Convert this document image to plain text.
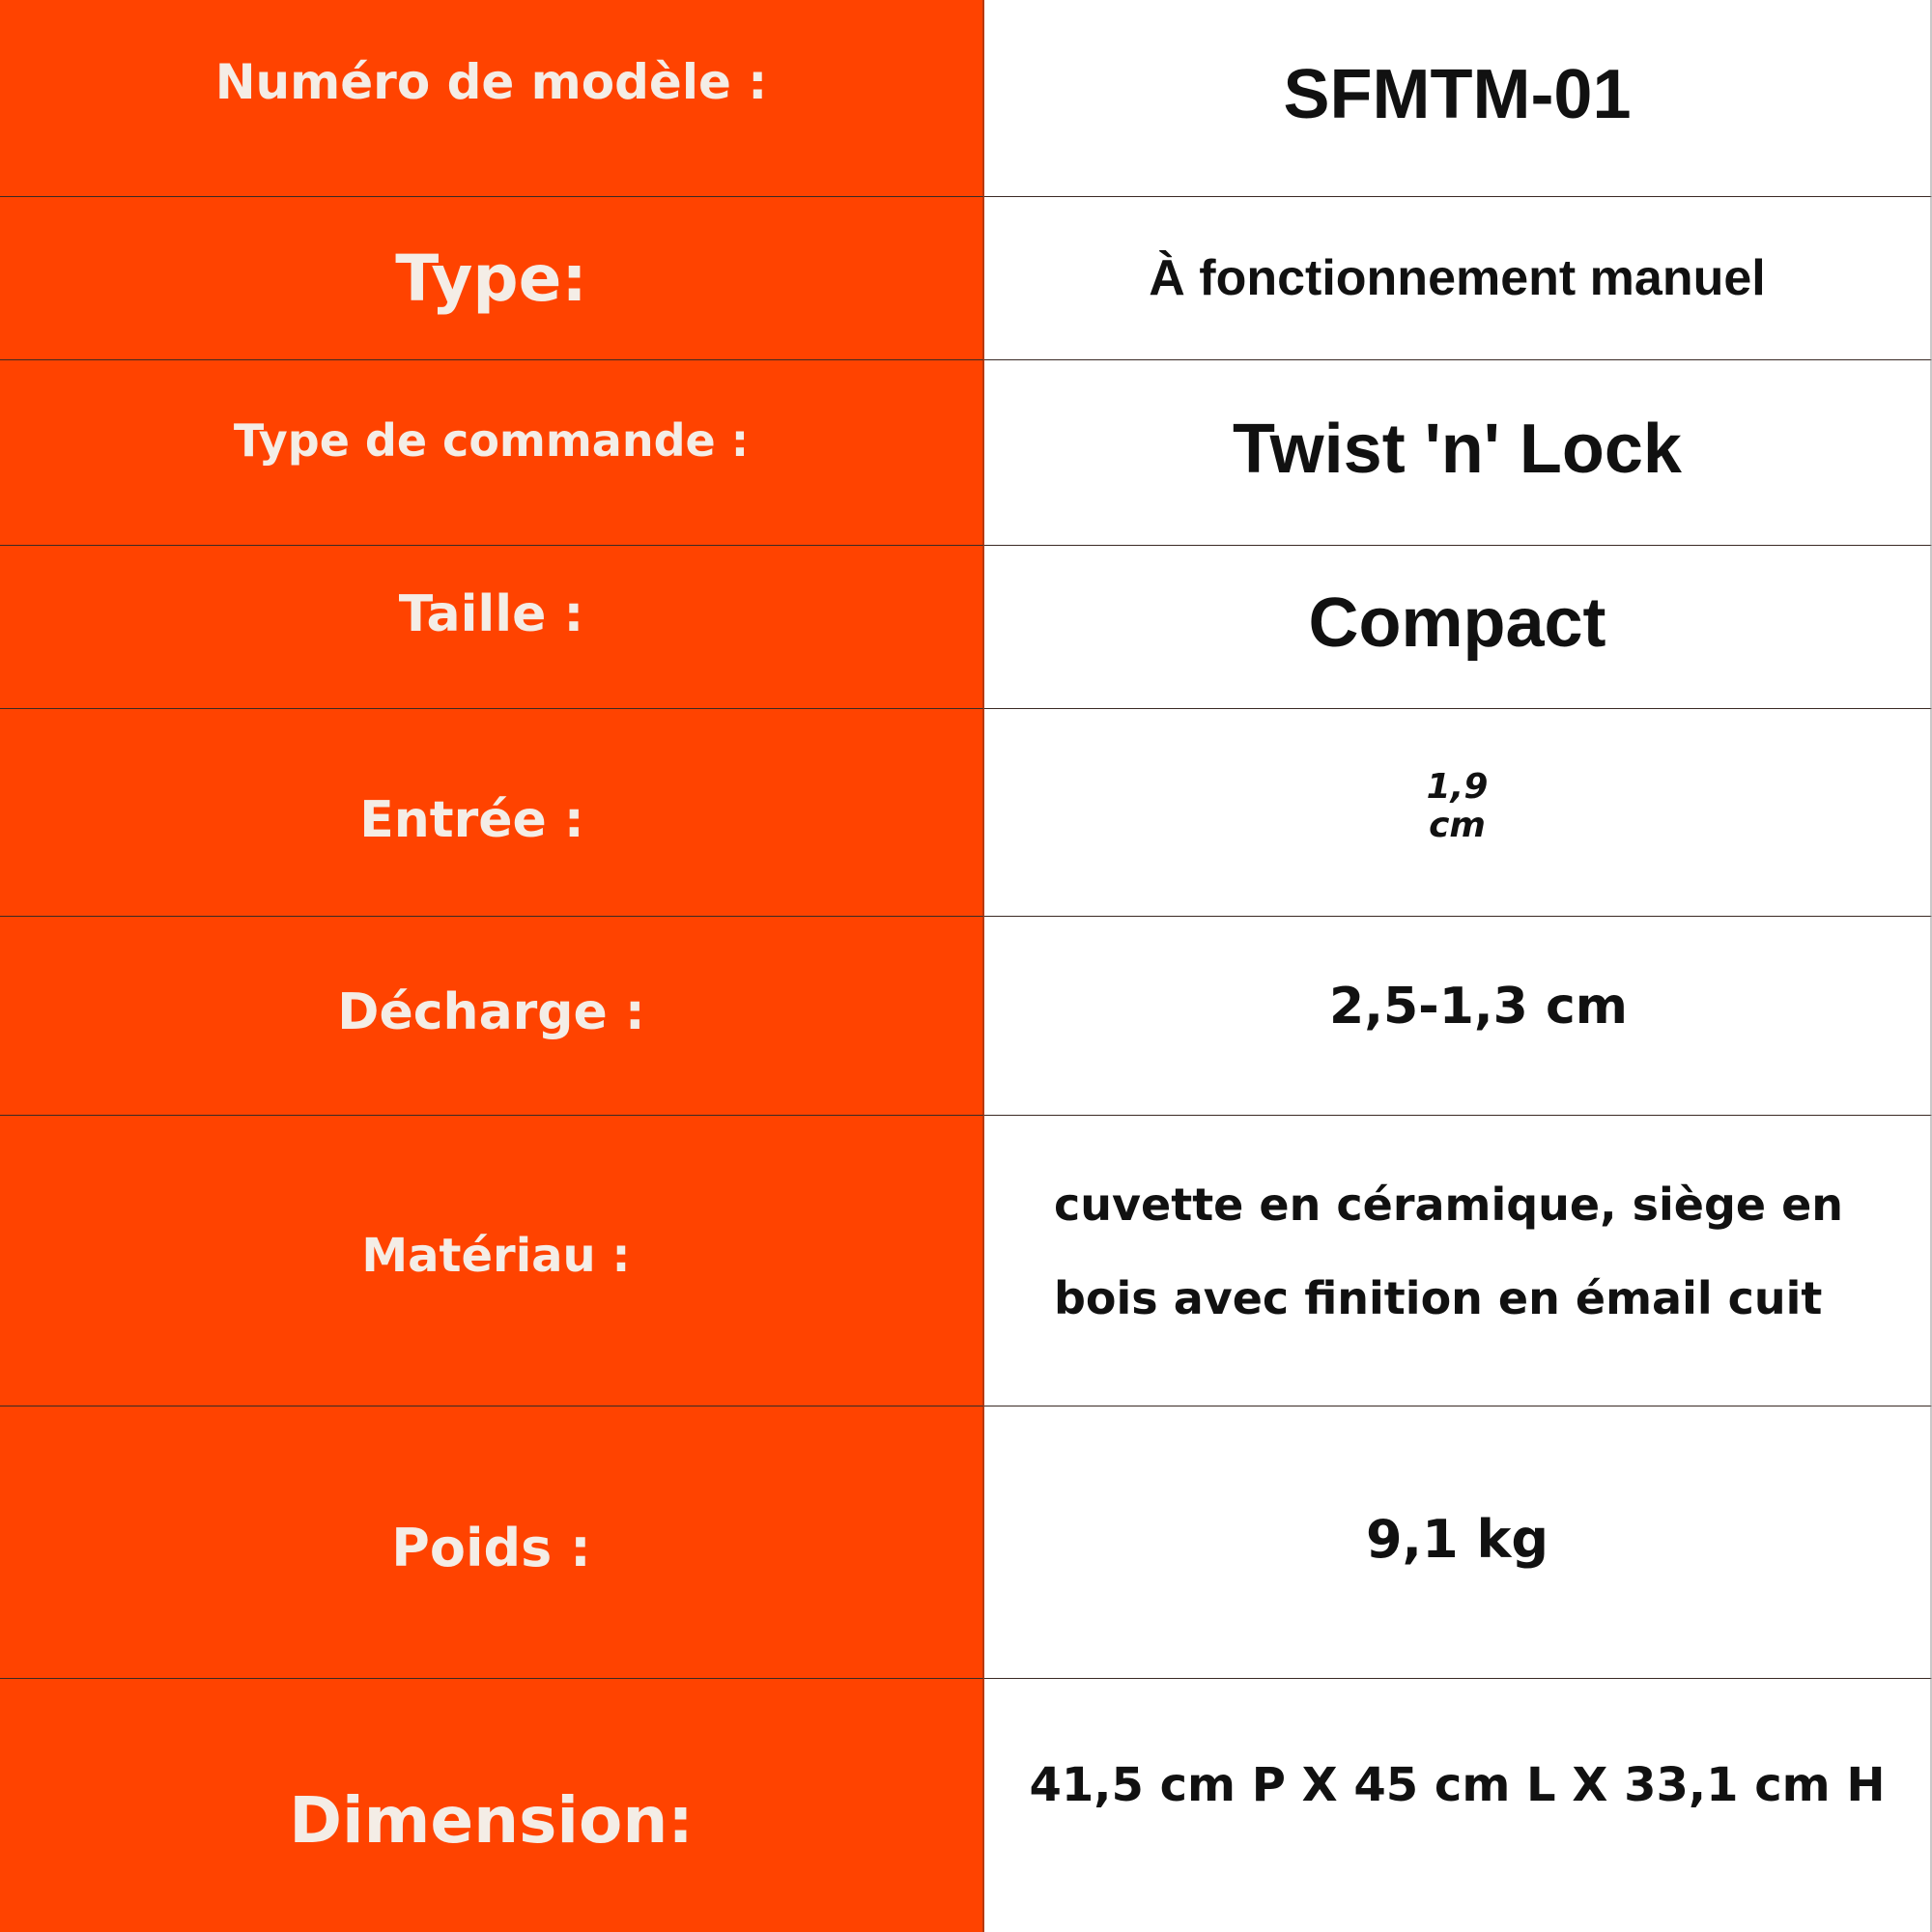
Numéro de modèle :	SFMTM-01
Type:	À fonctionnement manuel
Type de commande :	Twist 'n' Lock
Taille :	Compact
Entrée :
1,9
cm
Décharge :	2,5-1,3 cm
Matériau :
cuvette en céramique, siège en bois avec finition en émail cuit
Poids :	9,1 kg
Dimension:	41,5 cm P X 45 cm L X 33,1 cm H
